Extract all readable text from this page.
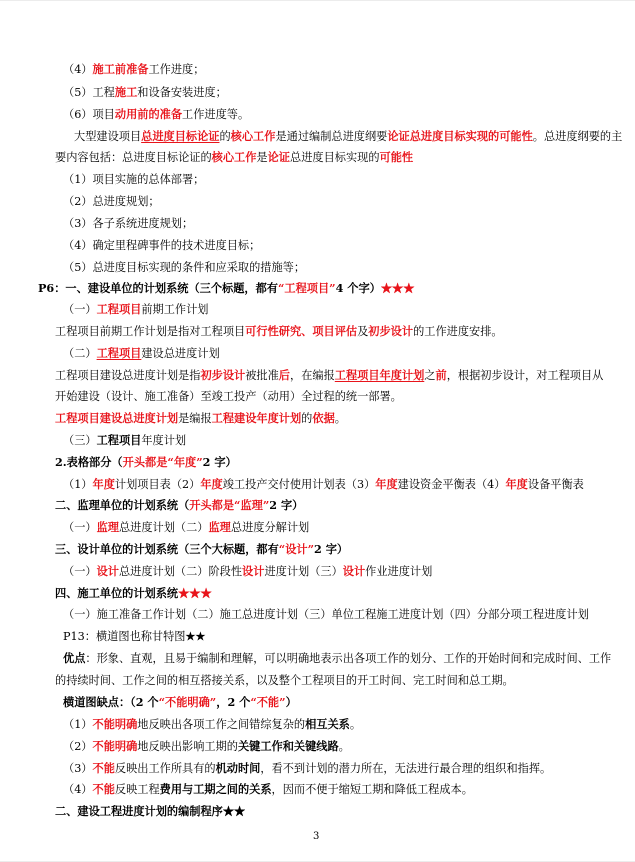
3
（4）施工前准备工作进度；
（5）工程施工和设备安装进度；
（6）项目动用前的准备工作进度等。
大型建设项目总进度目标论证的核心工作是通过编制总进度纲要论证总进度目标实现的可能性。总进度纲要的主
要内容包括：总进度目标论证的核心工作是论证总进度目标实现的可能性
（1）项目实施的总体部署；
（2）总进度规划；
（3）各子系统进度规划；
（4）确定里程碑事件的技术进度目标；
（5）总进度目标实现的条件和应采取的措施等；
P6：一、建设单位的计划系统（三个标题，都有“工程项目”4 个字）★★★
（一）工程项目前期工作计划
工程项目前期工作计划是指对工程项目可行性研究、项目评估及初步设计的工作进度安排。
（二）工程项目建设总进度计划
工程项目建设总进度计划是指初步设计被批准后，在编报工程项目年度计划之前，根据初步设计，对工程项目从
开始建设（设计、施工准备）至竣工投产（动用）全过程的统一部署。
工程项目建设总进度计划是编报工程建设年度计划的依据。
（三）工程项目年度计划
2.表格部分（开头都是“年度”2 字）
（1）年度计划项目表（2）年度竣工投产交付使用计划表（3）年度建设资金平衡表（4）年度设备平衡表
二、监理单位的计划系统（开头都是“监理”2 字）
（一）监理总进度计划（二）监理总进度分解计划
三、设计单位的计划系统（三个大标题，都有“设计”2 字）
（一）设计总进度计划（二）阶段性设计进度计划（三）设计作业进度计划
四、施工单位的计划系统★★★
（一）施工准备工作计划（二）施工总进度计划（三）单位工程施工进度计划（四）分部分项工程进度计划
P13：横道图也称甘特图★★
优点：形象、直观，且易于编制和理解，可以明确地表示出各项工作的划分、工作的开始时间和完成时间、工作
的持续时间、工作之间的相互搭接关系，以及整个工程项目的开工时间、完工时间和总工期。
横道图缺点：（2 个“不能明确”，2 个“不能”）
（1）不能明确地反映出各项工作之间错综复杂的相互关系。
（2）不能明确地反映出影响工期的关键工作和关键线路。
（3）不能反映出工作所具有的机动时间，看不到计划的潜力所在，无法进行最合理的组织和指挥。
（4）不能反映工程费用与工期之间的关系，因而不便于缩短工期和降低工程成本。
二、建设工程进度计划的编制程序★★
